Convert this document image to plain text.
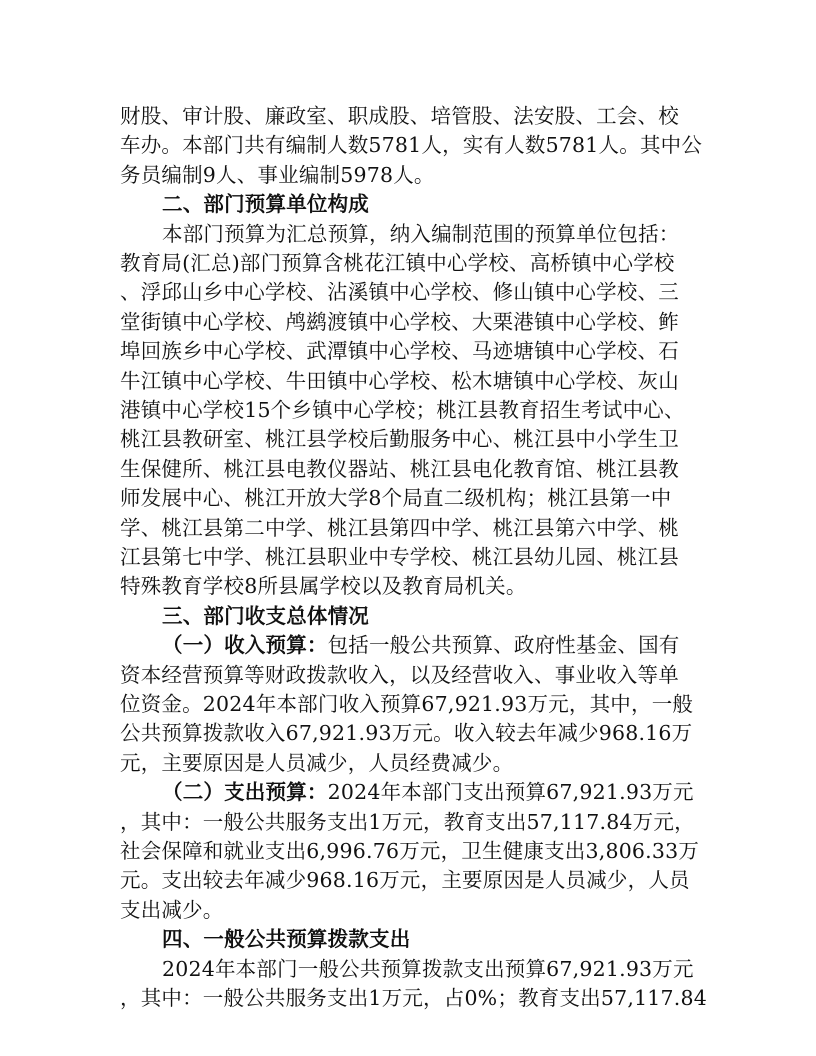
财股、审计股、廉政室、职成股、培管股、法安股、工会、校
车办。本部门共有编制人数5781人，实有人数5781人。其中公
务员编制9人、事业编制5978人。
二、部门预算单位构成
本部门预算为汇总预算，纳入编制范围的预算单位包括：
教育局(汇总)部门预算含桃花江镇中心学校、高桥镇中心学校
、浮邱山乡中心学校、沾溪镇中心学校、修山镇中心学校、三
堂街镇中心学校、鸬鹚渡镇中心学校、大栗港镇中心学校、鲊
埠回族乡中心学校、武潭镇中心学校、马迹塘镇中心学校、石
牛江镇中心学校、牛田镇中心学校、松木塘镇中心学校、灰山
港镇中心学校15个乡镇中心学校；桃江县教育招生考试中心、
桃江县教研室、桃江县学校后勤服务中心、桃江县中小学生卫
生保健所、桃江县电教仪器站、桃江县电化教育馆、桃江县教
师发展中心、桃江开放大学8个局直二级机构；桃江县第一中
学、桃江县第二中学、桃江县第四中学、桃江县第六中学、桃
江县第七中学、桃江县职业中专学校、桃江县幼儿园、桃江县
特殊教育学校8所县属学校以及教育局机关。
三、部门收支总体情况
（一）收入预算：包括一般公共预算、政府性基金、国有
资本经营预算等财政拨款收入，以及经营收入、事业收入等单
位资金。2024年本部门收入预算67,921.93万元，其中，一般
公共预算拨款收入67,921.93万元。收入较去年减少968.16万
元，主要原因是人员减少，人员经费减少。
（二）支出预算：2024年本部门支出预算67,921.93万元
，其中：一般公共服务支出1万元，教育支出57,117.84万元，
社会保障和就业支出6,996.76万元，卫生健康支出3,806.33万
元。支出较去年减少968.16万元，主要原因是人员减少，人员
支出减少。
四、一般公共预算拨款支出
2024年本部门一般公共预算拨款支出预算67,921.93万元
，其中：一般公共服务支出1万元，占0%；教育支出57,117.84
